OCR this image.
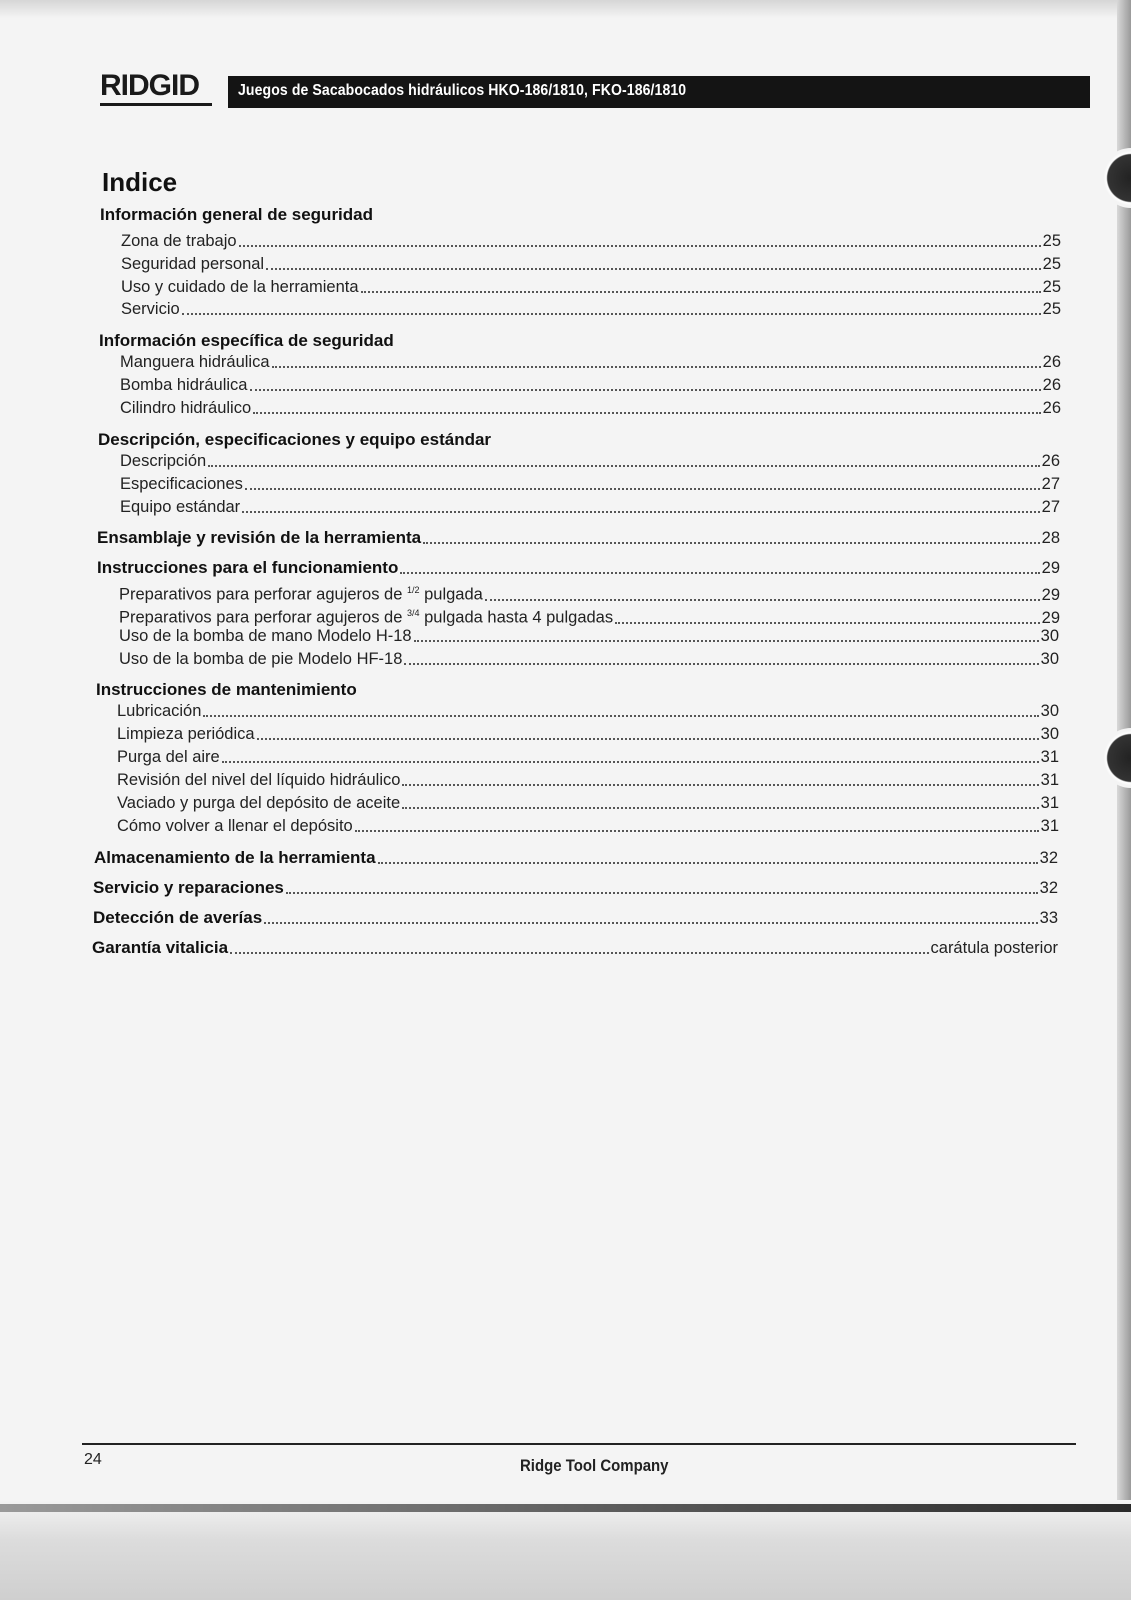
RIDGID	Juegos de Sacabocados hidráulicos HKO-186/1810, FKO-186/1810
Indice
Información general de seguridad
Zona de trabajo	25
Seguridad personal	25
Uso y cuidado de la herramienta	25
Servicio	25
Información específica de seguridad
Manguera hidráulica	26
Bomba hidráulica	26
Cilindro hidráulico	26
Descripción, especificaciones y equipo estándar
Descripción	26
Especificaciones	27
Equipo estándar	27
Ensamblaje y revisión de la herramienta	28
Instrucciones para el funcionamiento	29
Preparativos para perforar agujeros de $^{1/2}$ pulgada	29
Preparativos para perforar agujeros de $^{3/4}$ pulgada hasta 4 pulgadas	29
Uso de la bomba de mano Modelo H-18	30
Uso de la bomba de pie Modelo HF-18	30
Instrucciones de mantenimiento
Lubricación	30
Limpieza periódica	30
Purga del aire	31
Revisión del nivel del líquido hidráulico	31
Vaciado y purga del depósito de aceite	31
Cómo volver a llenar el depósito	31
Almacenamiento de la herramienta	32
Servicio y reparaciones	32
Detección de averías	33
Garantía vitalicia	carátula posterior
24	Ridge Tool Company
